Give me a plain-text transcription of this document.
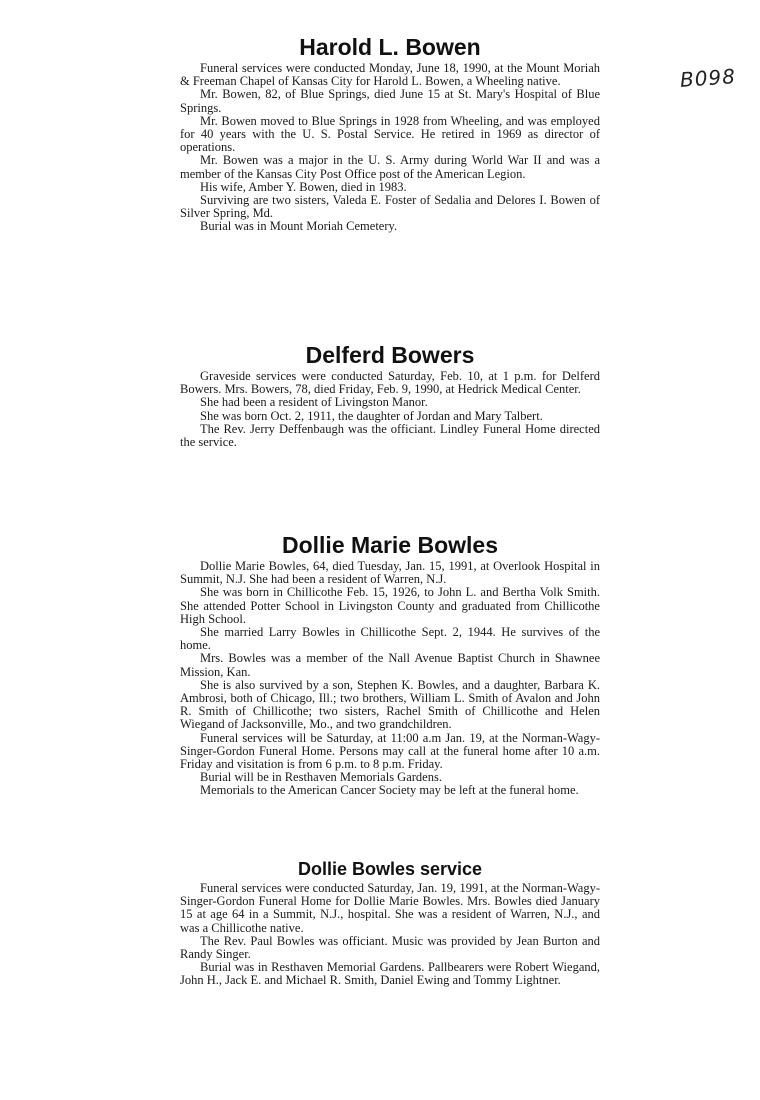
B098
Harold L. Bowen

Funeral services were conducted Monday, June 18, 1990, at the Mount Moriah & Freeman Chapel of Kansas City for Harold L. Bowen, a Wheeling native.

Mr. Bowen, 82, of Blue Springs, died June 15 at St. Mary's Hospital of Blue Springs.

Mr. Bowen moved to Blue Springs in 1928 from Wheeling, and was employed for 40 years with the U. S. Postal Service. He retired in 1969 as director of operations.

Mr. Bowen was a major in the U. S. Army during World War II and was a member of the Kansas City Post Office post of the American Legion.

His wife, Amber Y. Bowen, died in 1983.

Surviving are two sisters, Valeda E. Foster of Sedalia and Delores I. Bowen of Silver Spring, Md.

Burial was in Mount Moriah Cemetery.

Delferd Bowers

Graveside services were conducted Saturday, Feb. 10, at 1 p.m. for Delferd Bowers. Mrs. Bowers, 78, died Friday, Feb. 9, 1990, at Hedrick Medical Center.

She had been a resident of Livingston Manor.

She was born Oct. 2, 1911, the daughter of Jordan and Mary Talbert.

The Rev. Jerry Deffenbaugh was the officiant. Lindley Funeral Home directed the service.

Dollie Marie Bowles

Dollie Marie Bowles, 64, died Tuesday, Jan. 15, 1991, at Overlook Hospital in Summit, N.J. She had been a resident of Warren, N.J.

She was born in Chillicothe Feb. 15, 1926, to John L. and Bertha Volk Smith. She attended Potter School in Livingston County and graduated from Chillicothe High School.

She married Larry Bowles in Chillicothe Sept. 2, 1944. He survives of the home.

Mrs. Bowles was a member of the Nall Avenue Baptist Church in Shawnee Mission, Kan.

She is also survived by a son, Stephen K. Bowles, and a daughter, Barbara K. Ambrosi, both of Chicago, Ill.; two brothers, William L. Smith of Avalon and John R. Smith of Chillicothe; two sisters, Rachel Smith of Chillicothe and Helen Wiegand of Jacksonville, Mo., and two grandchildren.

Funeral services will be Saturday, at 11:00 a.m Jan. 19, at the Norman-Wagy-Singer-Gordon Funeral Home. Persons may call at the funeral home after 10 a.m. Friday and visitation is from 6 p.m. to 8 p.m. Friday.

Burial will be in Resthaven Memorials Gardens.

Memorials to the American Cancer Society may be left at the funeral home.

Dollie Bowles service

Funeral services were conducted Saturday, Jan. 19, 1991, at the Norman-Wagy-Singer-Gordon Funeral Home for Dollie Marie Bowles. Mrs. Bowles died January 15 at age 64 in a Summit, N.J., hospital. She was a resident of Warren, N.J., and was a Chillicothe native.

The Rev. Paul Bowles was officiant. Music was provided by Jean Burton and Randy Singer.

Burial was in Resthaven Memorial Gardens. Pallbearers were Robert Wiegand, John H., Jack E. and Michael R. Smith, Daniel Ewing and Tommy Lightner.
